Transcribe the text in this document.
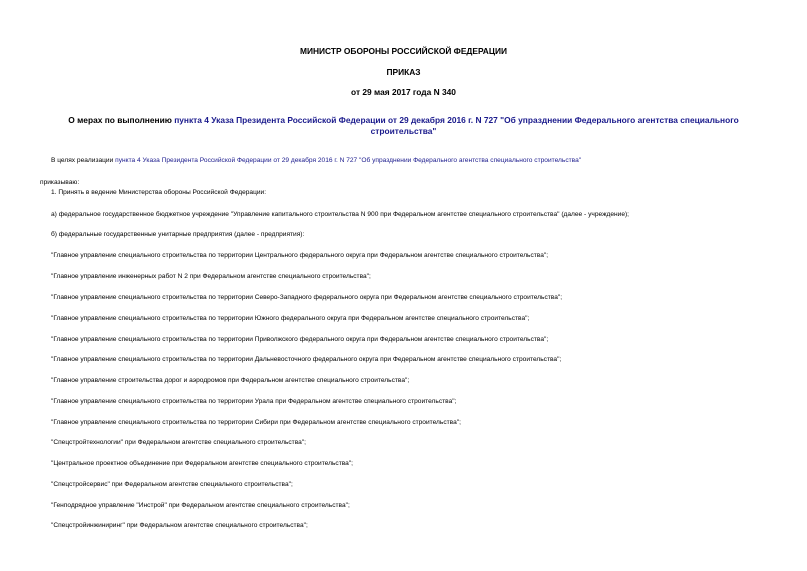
МИНИСТР ОБОРОНЫ РОССИЙСКОЙ ФЕДЕРАЦИИ
ПРИКАЗ
от 29 мая 2017 года N 340
О мерах по выполнению пункта 4 Указа Президента Российской Федерации от 29 декабря 2016 г. N 727 "Об упразднении Федерального агентства специального строительства"
В целях реализации пункта 4 Указа Президента Российской Федерации от 29 декабря 2016 г. N 727 "Об упразднении Федерального агентства специального строительства"
приказываю:
1. Принять в ведение Министерства обороны Российской Федерации:
а) федеральное государственное бюджетное учреждение "Управление капитального строительства N 900 при Федеральном агентстве специального строительства" (далее - учреждение);
б) федеральные государственные унитарные предприятия (далее - предприятия):
"Главное управление специального строительства по территории Центрального федерального округа при Федеральном агентстве специального строительства";
"Главное управление инженерных работ N 2 при Федеральном агентстве специального строительства";
"Главное управление специального строительства по территории Северо-Западного федерального округа при Федеральном агентстве специального строительства";
"Главное управление специального строительства по территории Южного федерального округа при Федеральном агентстве специального строительства";
"Главное управление специального строительства по территории Приволжского федерального округа при Федеральном агентстве специального строительства";
"Главное управление специального строительства по территории Дальневосточного федерального округа при Федеральном агентстве специального строительства";
"Главное управление строительства дорог и аэродромов при Федеральном агентстве специального строительства";
"Главное управление специального строительства по территории Урала при Федеральном агентстве специального строительства";
"Главное управление специального строительства по территории Сибири при Федеральном агентстве специального строительства";
"Спецстройтехнологии" при Федеральном агентстве специального строительства";
"Центральное проектное объединение при Федеральном агентстве специального строительства";
"Спецстройсервис" при Федеральном агентстве специального строительства";
"Генподрядное управление "Инстрой" при Федеральном агентстве специального строительства";
"Спецстройинжиниринг" при Федеральном агентстве специального строительства";
